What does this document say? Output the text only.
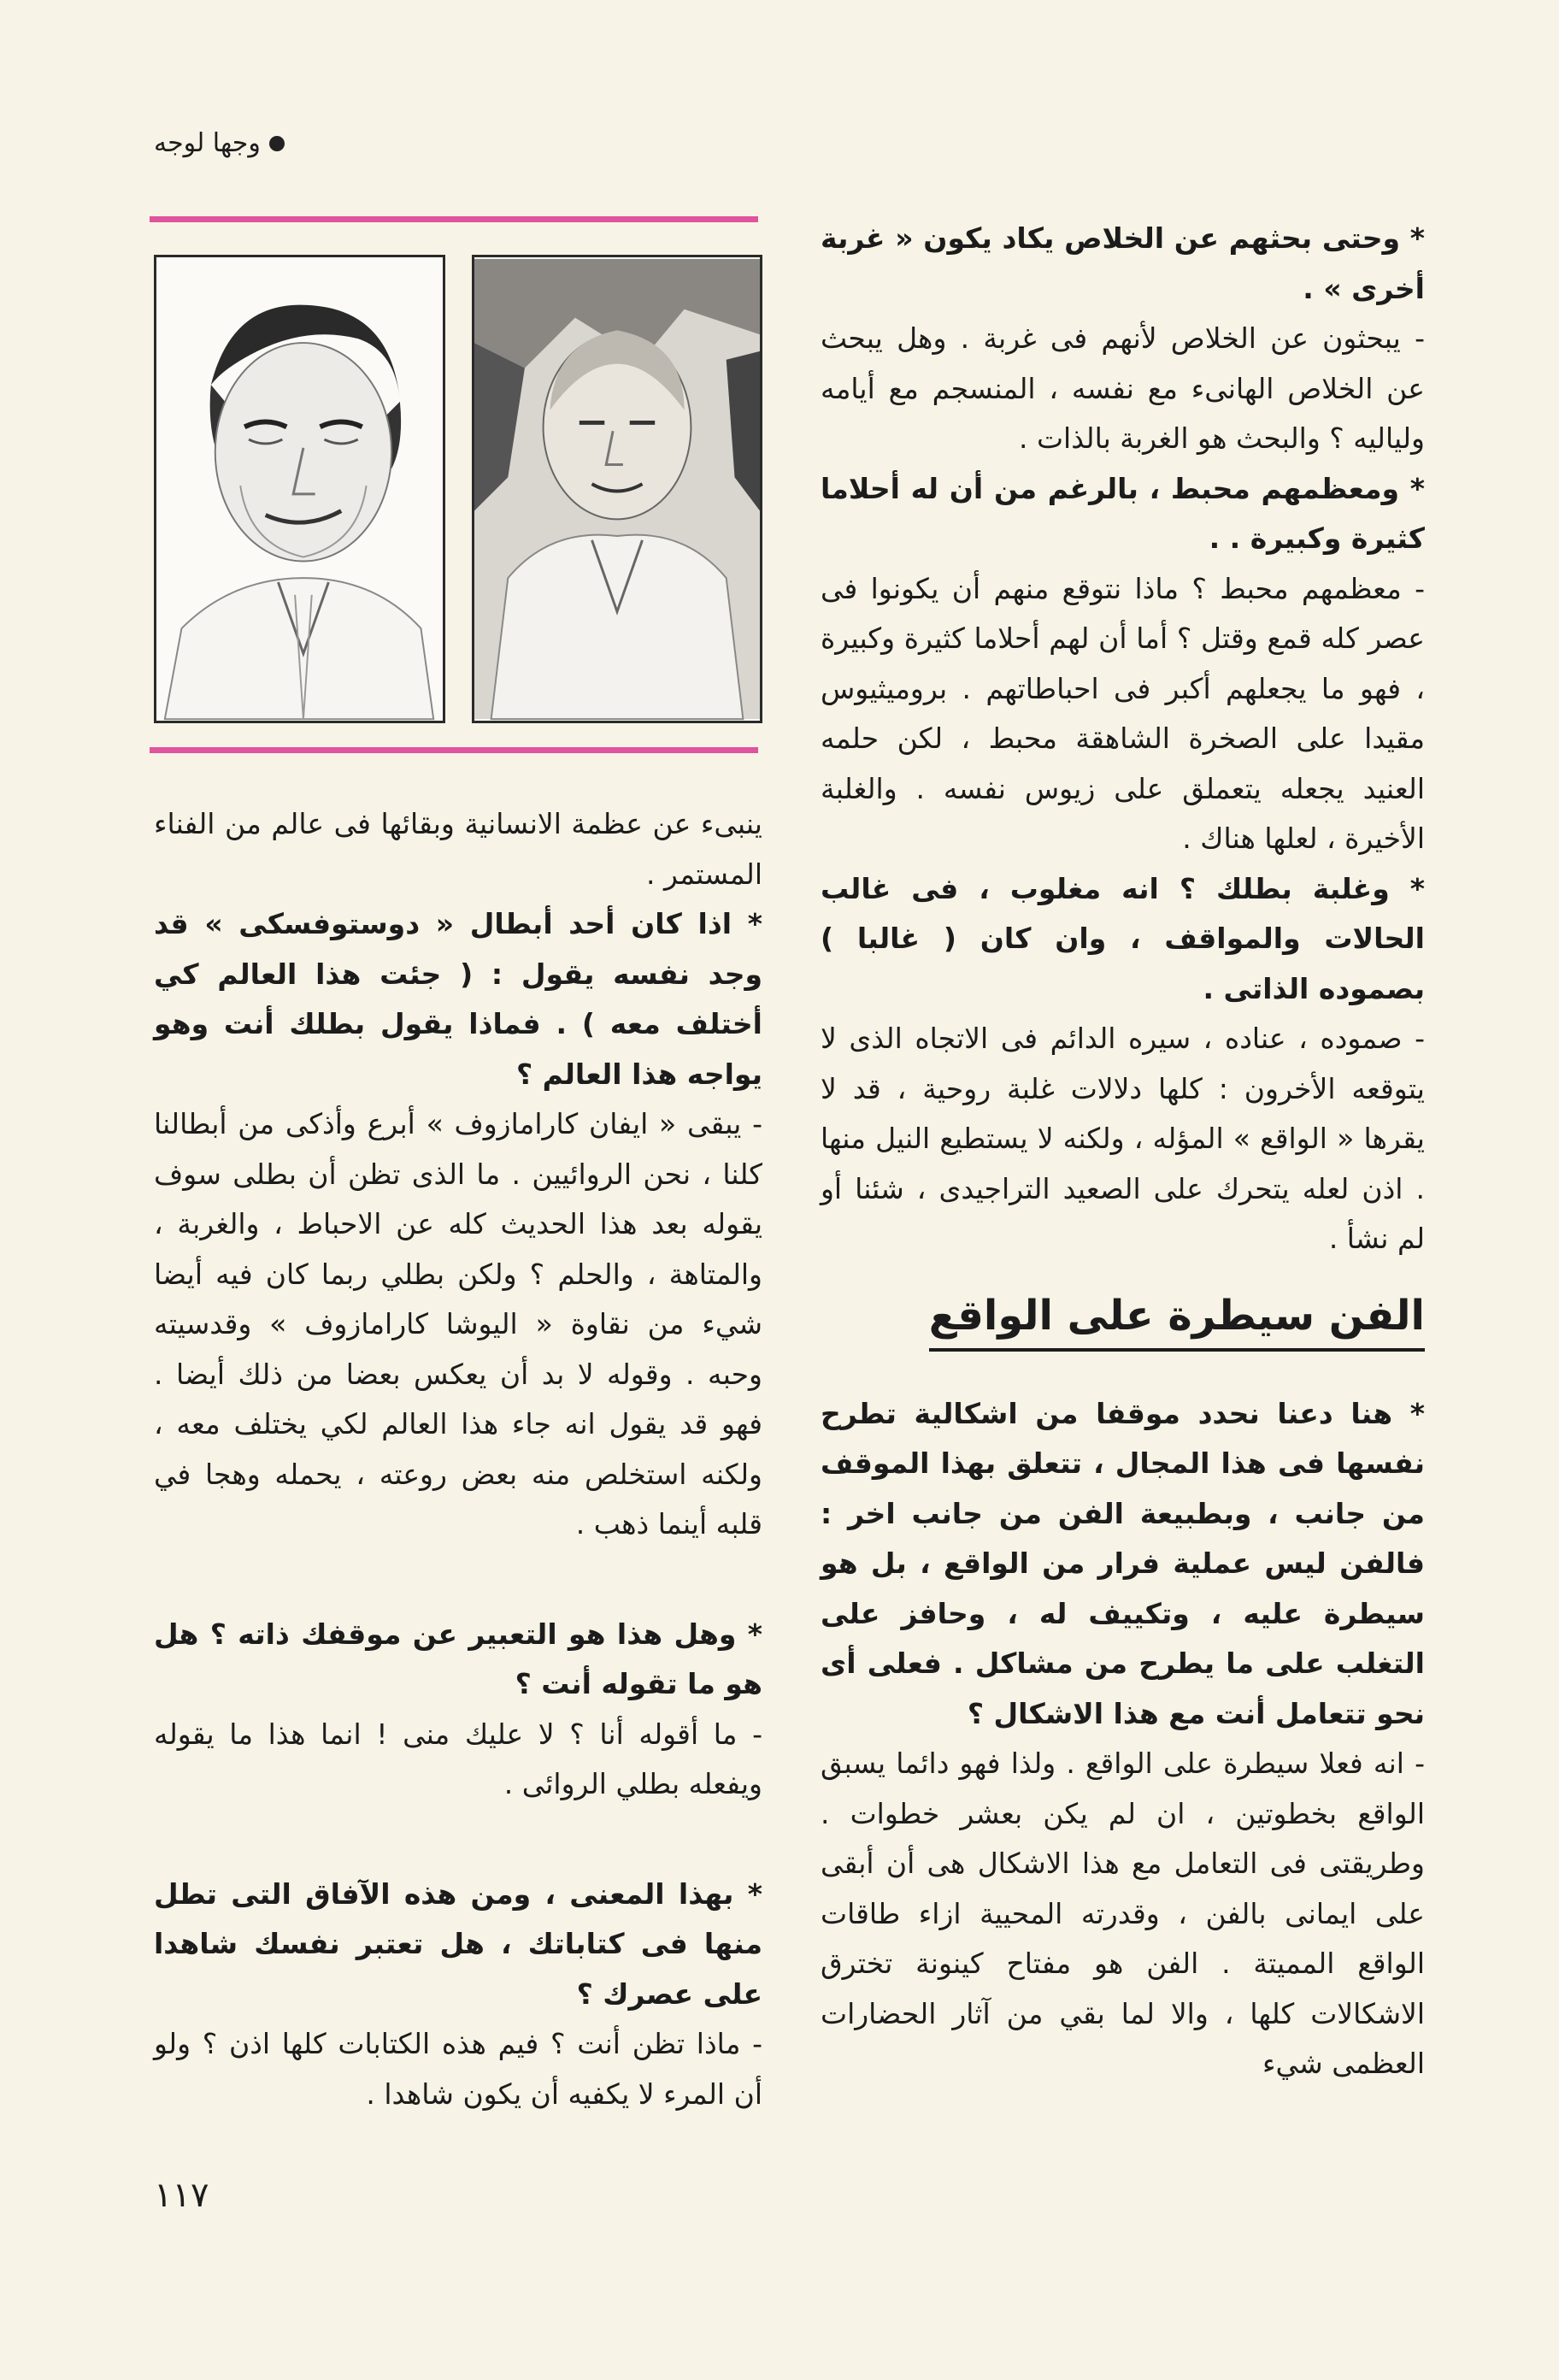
وجها لوجه

* وحتى بحثهم عن الخلاص يكاد يكون « غربة أخرى » .

- يبحثون عن الخلاص لأنهم فى غربة . وهل يبحث عن الخلاص الهانىء مع نفسه ، المنسجم مع أيامه ولياليه ؟ والبحث هو الغربة بالذات .

* ومعظمهم محبط ، بالرغم من أن له أحلاما كثيرة وكبيرة . .

- معظمهم محبط ؟ ماذا نتوقع منهم أن يكونوا فى عصر كله قمع وقتل ؟ أما أن لهم أحلاما كثيرة وكبيرة ، فهو ما يجعلهم أكبر فى احباطاتهم . بروميثيوس مقيدا على الصخرة الشاهقة محبط ، لكن حلمه العنيد يجعله يتعملق على زيوس نفسه . والغلبة الأخيرة ، لعلها هناك .

* وغلبة بطلك ؟ انه مغلوب ، فى غالب الحالات والمواقف ، وان كان ( غالبا ) بصموده الذاتى .

- صموده ، عناده ، سيره الدائم فى الاتجاه الذى لا يتوقعه الأخرون : كلها دلالات غلبة روحية ، قد لا يقرها « الواقع » المؤله ، ولكنه لا يستطيع النيل منها . اذن لعله يتحرك على الصعيد التراجيدى ، شئنا أو لم نشأ .

الفن سيطرة على الواقع

* هنا دعنا نحدد موقفا من اشكالية تطرح نفسها فى هذا المجال ، تتعلق بهذا الموقف من جانب ، وبطبيعة الفن من جانب اخر : فالفن ليس عملية فرار من الواقع ، بل هو سيطرة عليه ، وتكييف له ، وحافز على التغلب على ما يطرح من مشاكل . فعلى أى نحو تتعامل أنت مع هذا الاشكال ؟

- انه فعلا سيطرة على الواقع . ولذا فهو دائما يسبق الواقع بخطوتين ، ان لم يكن بعشر خطوات . وطريقتى فى التعامل مع هذا الاشكال هى أن أبقى على ايمانى بالفن ، وقدرته المحيية ازاء طاقات الواقع المميتة . الفن هو مفتاح كينونة تخترق الاشكالات كلها ، والا لما بقي من آثار الحضارات العظمى شيء

ينبىء عن عظمة الانسانية وبقائها فى عالم من الفناء المستمر .

* اذا كان أحد أبطال « دوستوفسكى » قد وجد نفسه يقول : ( جئت هذا العالم كي أختلف معه ) . فماذا يقول بطلك أنت وهو يواجه هذا العالم ؟

- يبقى « ايفان كارامازوف » أبرع وأذكى من أبطالنا كلنا ، نحن الروائيين . ما الذى تظن أن بطلى سوف يقوله بعد هذا الحديث كله عن الاحباط ، والغربة ، والمتاهة ، والحلم ؟ ولكن بطلي ربما كان فيه أيضا شيء من نقاوة « اليوشا كارامازوف » وقدسيته وحبه . وقوله لا بد أن يعكس بعضا من ذلك أيضا . فهو قد يقول انه جاء هذا العالم لكي يختلف معه ، ولكنه استخلص منه بعض روعته ، يحمله وهجا في قلبه أينما ذهب .

* وهل هذا هو التعبير عن موقفك ذاته ؟ هل هو ما تقوله أنت ؟

- ما أقوله أنا ؟ لا عليك منى ! انما هذا ما يقوله ويفعله بطلي الروائى .

* بهذا المعنى ، ومن هذه الآفاق التى تطل منها فى كتاباتك ، هل تعتبر نفسك شاهدا على عصرك ؟

- ماذا تظن أنت ؟ فيم هذه الكتابات كلها اذن ؟ ولو أن المرء لا يكفيه أن يكون شاهدا .

١١٧
